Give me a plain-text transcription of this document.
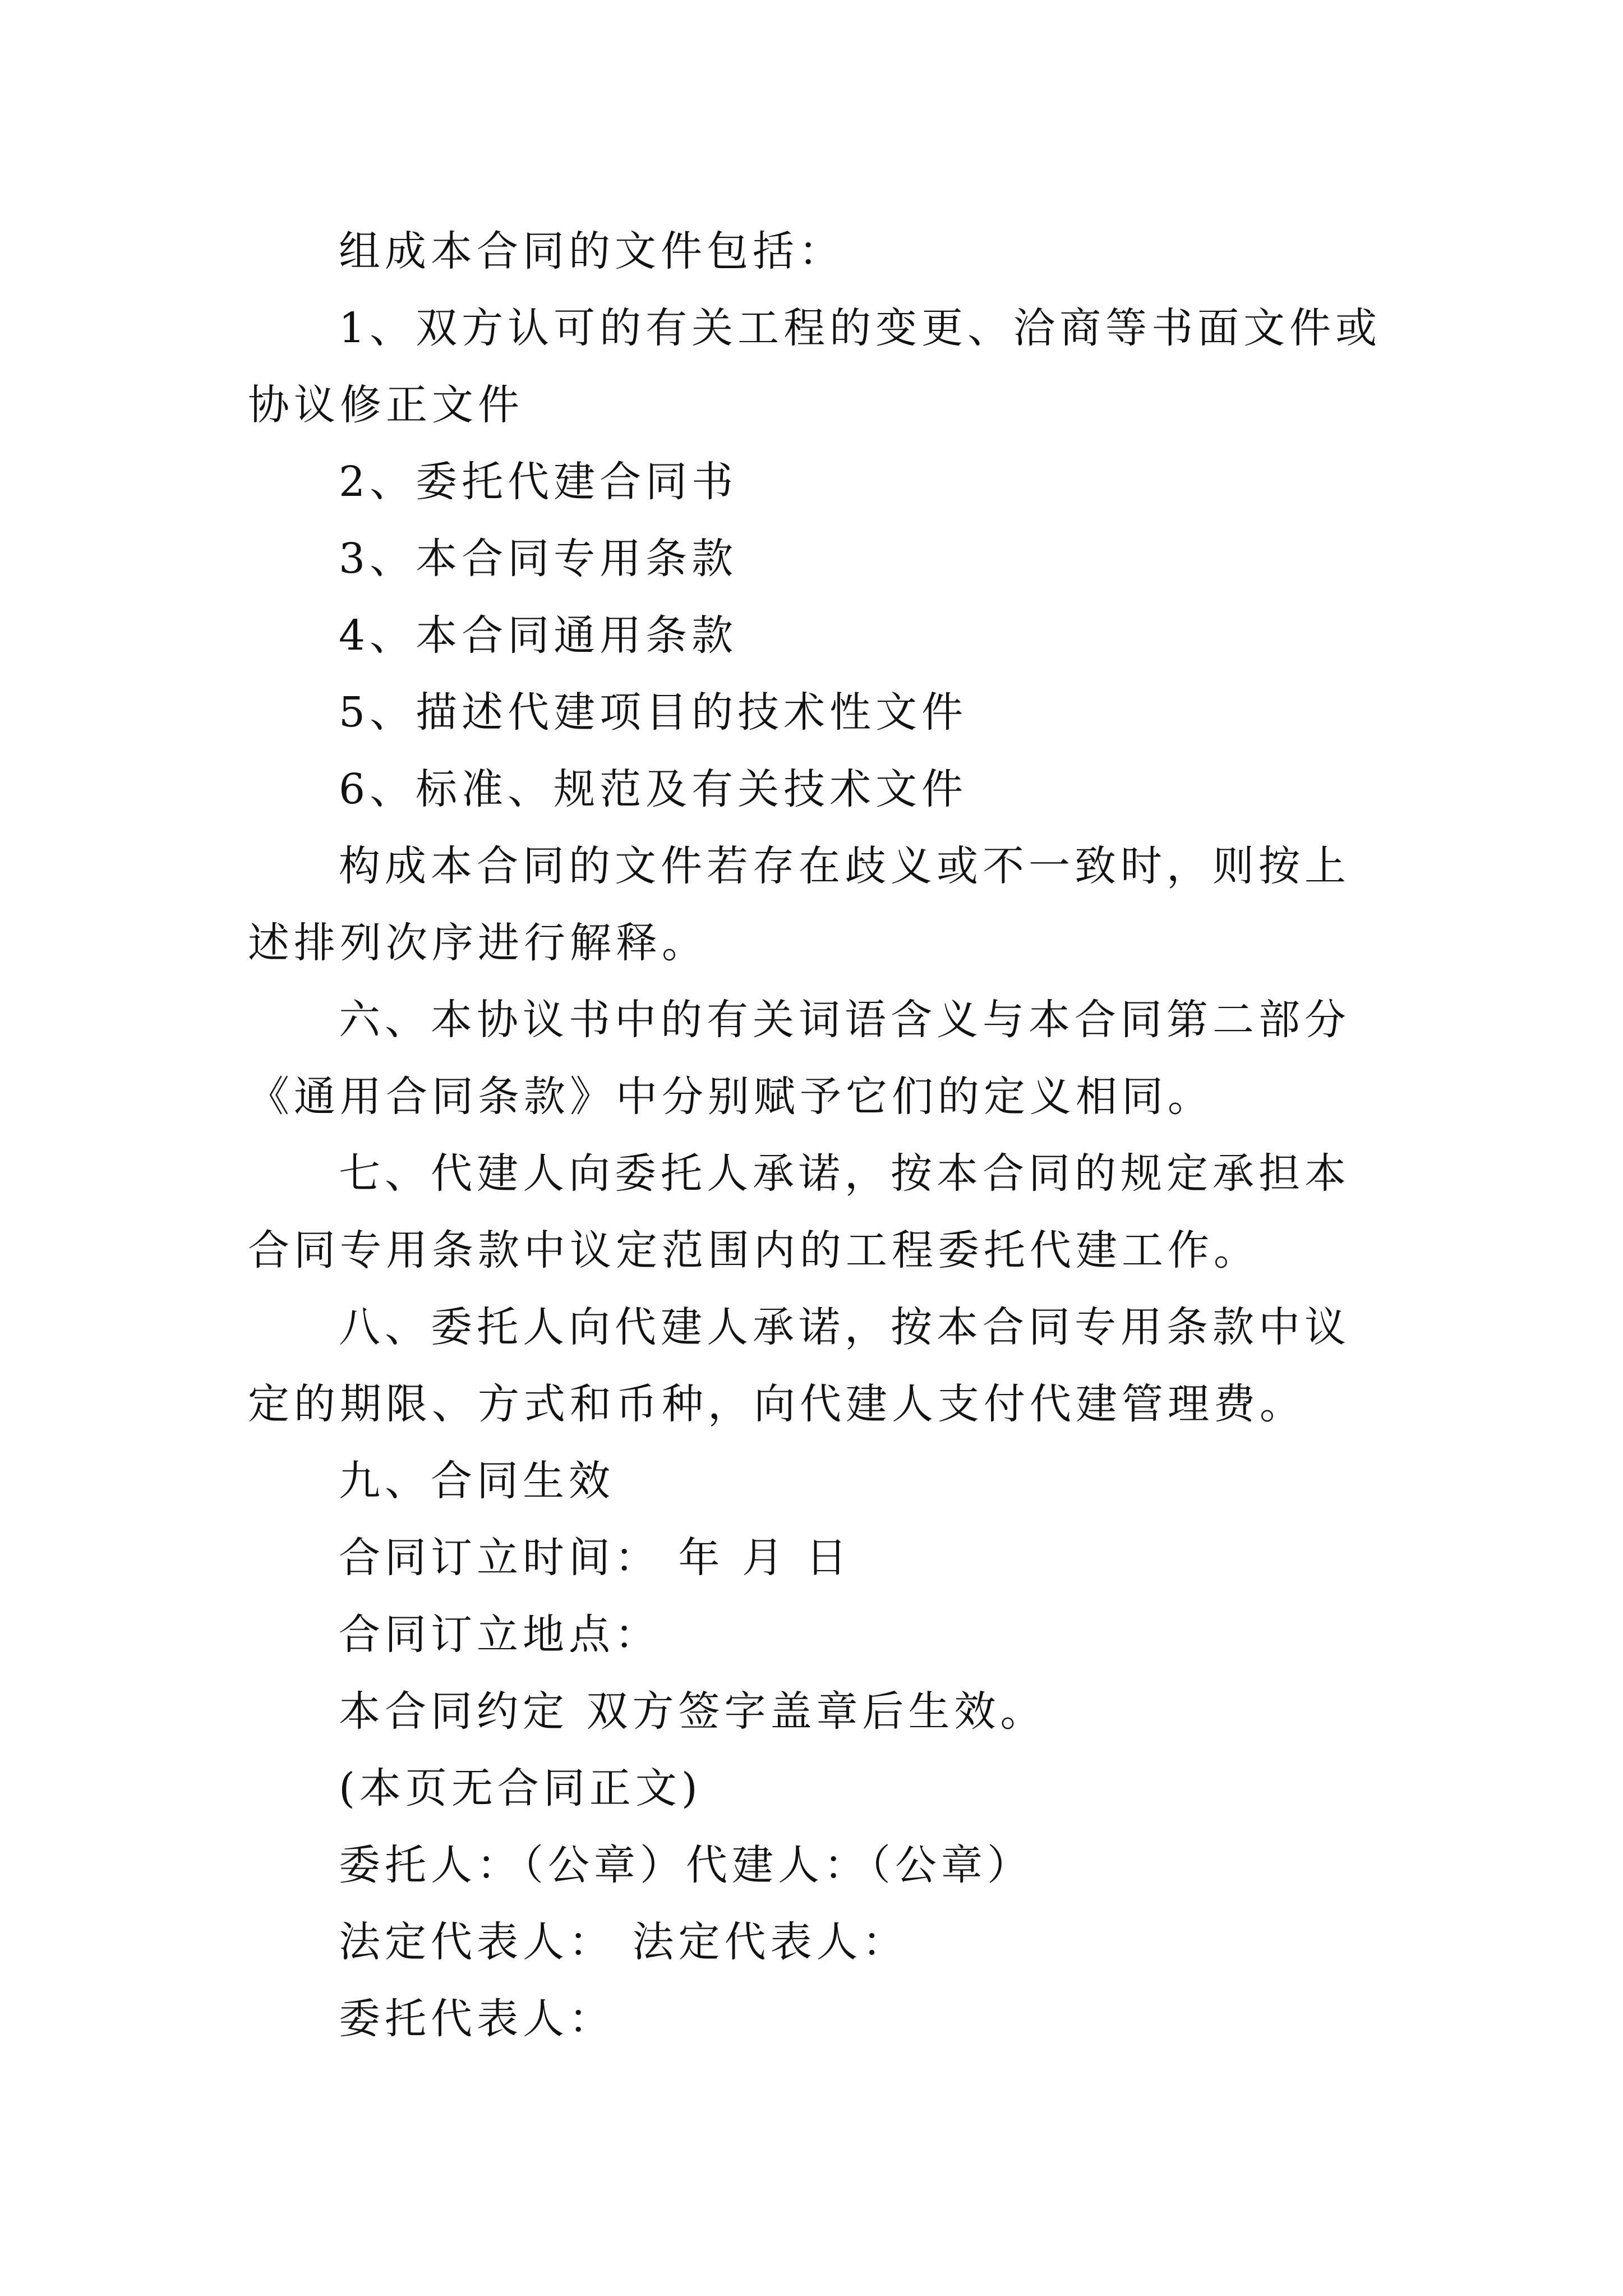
组成本合同的文件包括：

1、双方认可的有关工程的变更、洽商等书面文件或协议修正文件

2、委托代建合同书

3、本合同专用条款

4、本合同通用条款

5、描述代建项目的技术性文件

6、标准、规范及有关技术文件

构成本合同的文件若存在歧义或不一致时，则按上述排列次序进行解释。

六、本协议书中的有关词语含义与本合同第二部分《通用合同条款》中分别赋予它们的定义相同。

七、代建人向委托人承诺，按本合同的规定承担本合同专用条款中议定范围内的工程委托代建工作。

八、委托人向代建人承诺，按本合同专用条款中议定的期限、方式和币种，向代建人支付代建管理费。

九、合同生效

合同订立时间： 年 月 日

合同订立地点：

本合同约定 双方签字盖章后生效。

(本页无合同正文)

委托人：（公章）代建人：（公章）

法定代表人： 法定代表人：

委托代表人：
